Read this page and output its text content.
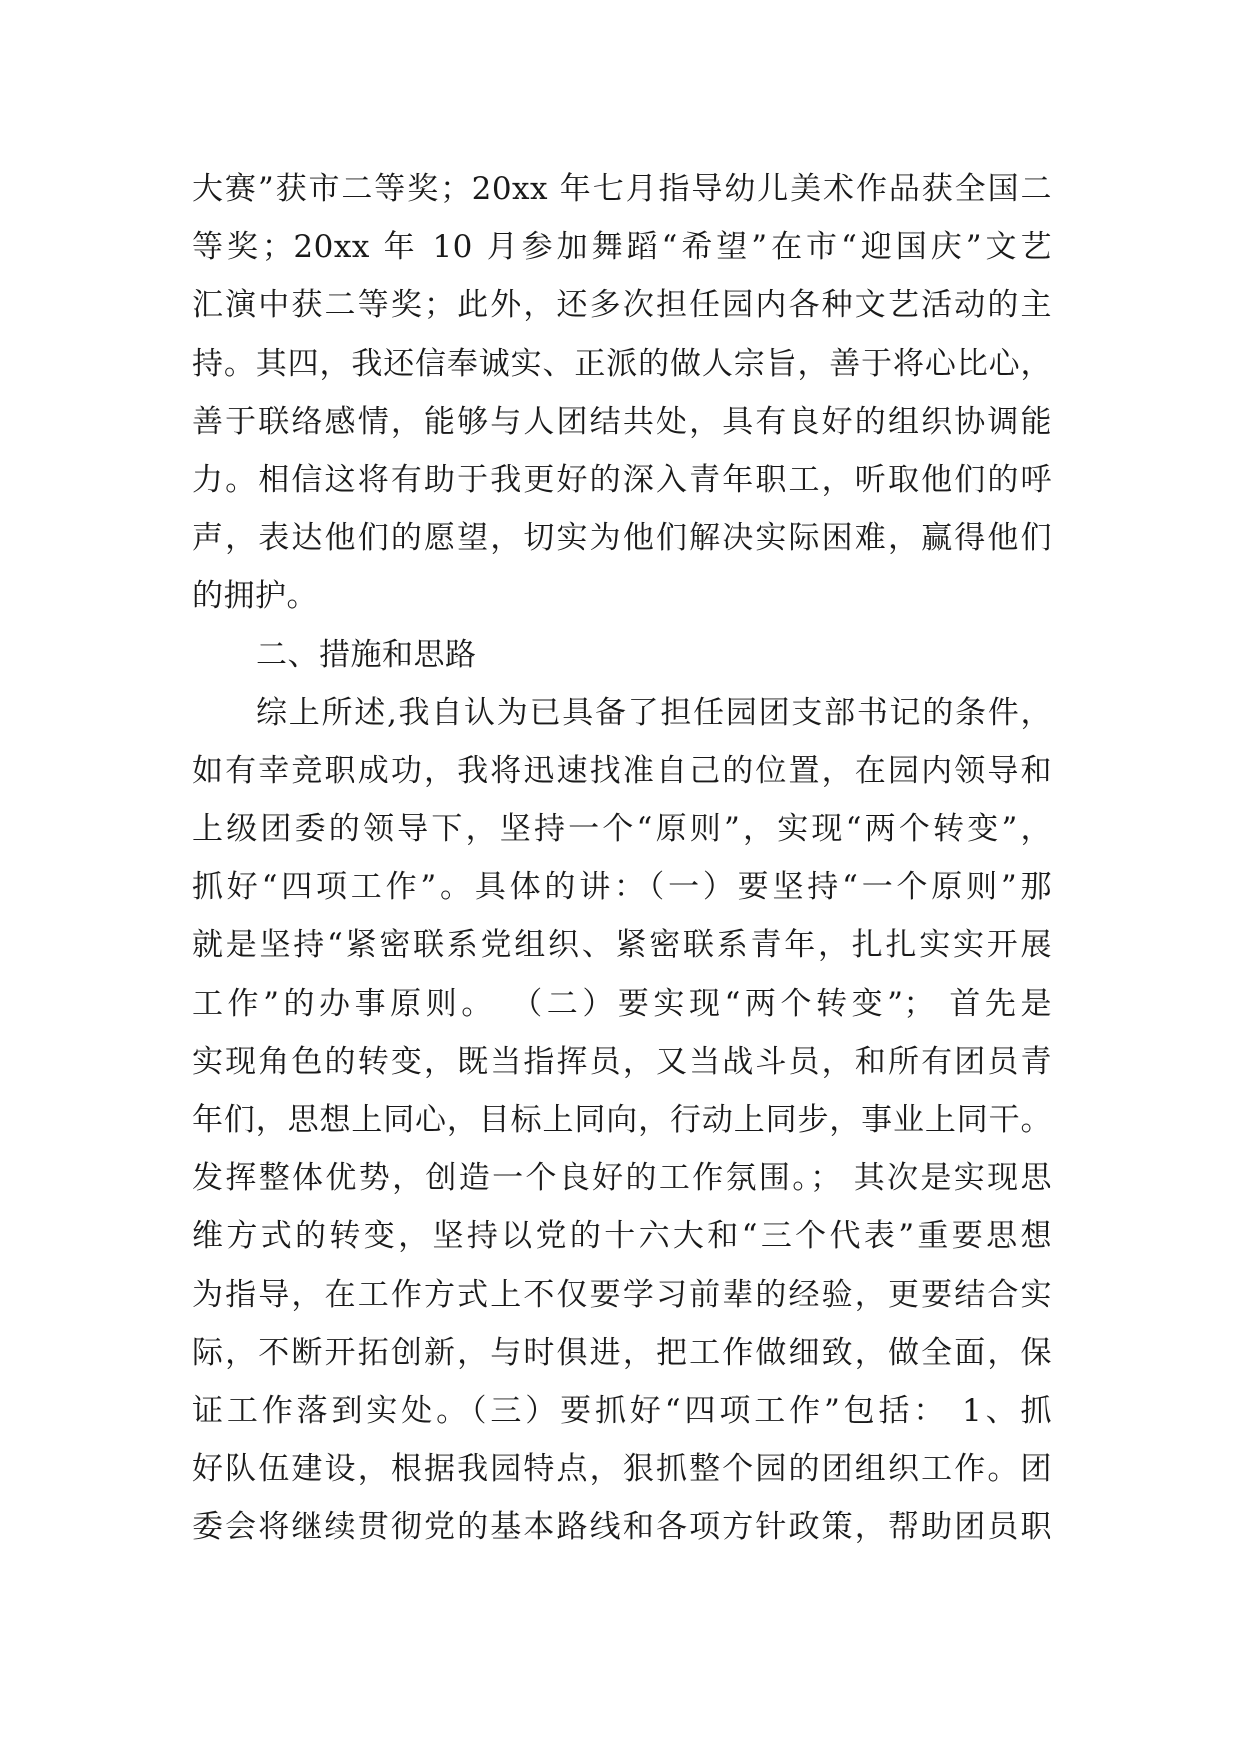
大赛”获市二等奖；20xx 年七月指导幼儿美术作品获全国二
等奖；20xx 年 10 月参加舞蹈“希望”在市“迎国庆”文艺
汇演中获二等奖；此外，还多次担任园内各种文艺活动的主
持。其四，我还信奉诚实、正派的做人宗旨，善于将心比心，
善于联络感情，能够与人团结共处，具有良好的组织协调能
力。相信这将有助于我更好的深入青年职工，听取他们的呼
声，表达他们的愿望，切实为他们解决实际困难，赢得他们
的拥护。
二、措施和思路
综上所述,我自认为已具备了担任园团支部书记的条件，
如有幸竞职成功，我将迅速找准自己的位置，在园内领导和
上级团委的领导下，坚持一个“原则”，实现“两个转变”，
抓好“四项工作”。具体的讲：（一）要坚持“一个原则”那
就是坚持“紧密联系党组织、紧密联系青年，扎扎实实开展
工作”的办事原则。 （二）要实现“两个转变”； 首先是
实现角色的转变，既当指挥员，又当战斗员，和所有团员青
年们，思想上同心，目标上同向，行动上同步，事业上同干。
发挥整体优势，创造一个良好的工作氛围。； 其次是实现思
维方式的转变，坚持以党的十六大和“三个代表”重要思想
为指导，在工作方式上不仅要学习前辈的经验，更要结合实
际，不断开拓创新，与时俱进，把工作做细致，做全面，保
证工作落到实处。（三）要抓好“四项工作”包括： 1、抓
好队伍建设，根据我园特点，狠抓整个园的团组织工作。团
委会将继续贯彻党的基本路线和各项方针政策，帮助团员职
